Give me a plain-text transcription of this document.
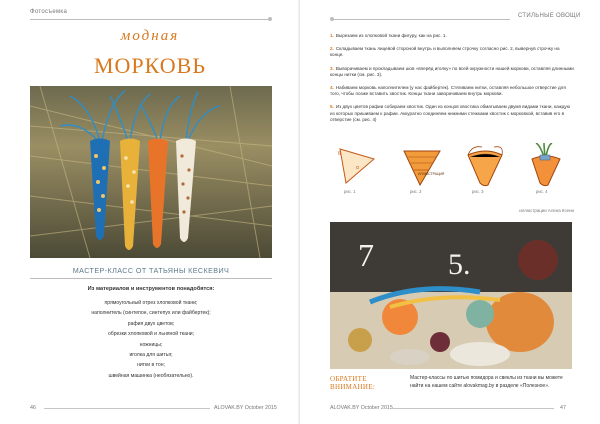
Фотосъемка
модная
МОРКОВЬ
МАСТЕР-КЛАСС ОТ ТАТЬЯНЫ КЕСКЕВИЧ
Из материалов и инструментов понадобятся:
прямоугольный отрез хлопковой ткани;
наполнитель (синтепон, синтепух или файбертек);
рафия двух цветов;
обрезки хлопковой и льняной ткани;
ножницы;
иголка для шитья;
нитки в тон;
швейная машинка (необязательно).
46	ALOVAK.BY October 2015
СТИЛЬНЫЕ ОВОЩИ
1. Вырезаем из хлопковой ткани фигуру, как на рис. 1.
2. Складываем ткань лицевой стороной внутрь и выполняем строчку согласно рис. 2, вывернув строчку на конце.
3. Выворачиваем и прокладываем шов «вперёд иголку» по всей окружности нашей моркови, оставляя длинными концы нитки (см. рис. 3).
4. Набиваем морковь наполнителем (у нас файбертек). Стягиваем нитки, оставляя небольшое отверстие для того, чтобы позже вставить хвостик. Концы ткани заворачиваем внутрь моркови.
5. Из двух цветов рафии собираем хвостик. Один из концов хвостика обматываем двумя видами ткани, каждую из которых пришиваем к рафии. Аккуратно соединяем нижними стежками хвостик с морковкой, вставив его в отверстие (см. рис. 4)
6
α
рис. 1
ИЛЛЮСТРАЦИЯ
рис. 2	рис. 3	рис. 4
иллюстрации Алена Ксени
7 5.
ОБРАТИТЕ ВНИМАНИЕ:
Мастер-классы по шитью помидора и свеклы из ткани вы можете найти на нашем сайте alovakmag.by в разделе «Полезное».
ALOVAK.BY October 2015	47
